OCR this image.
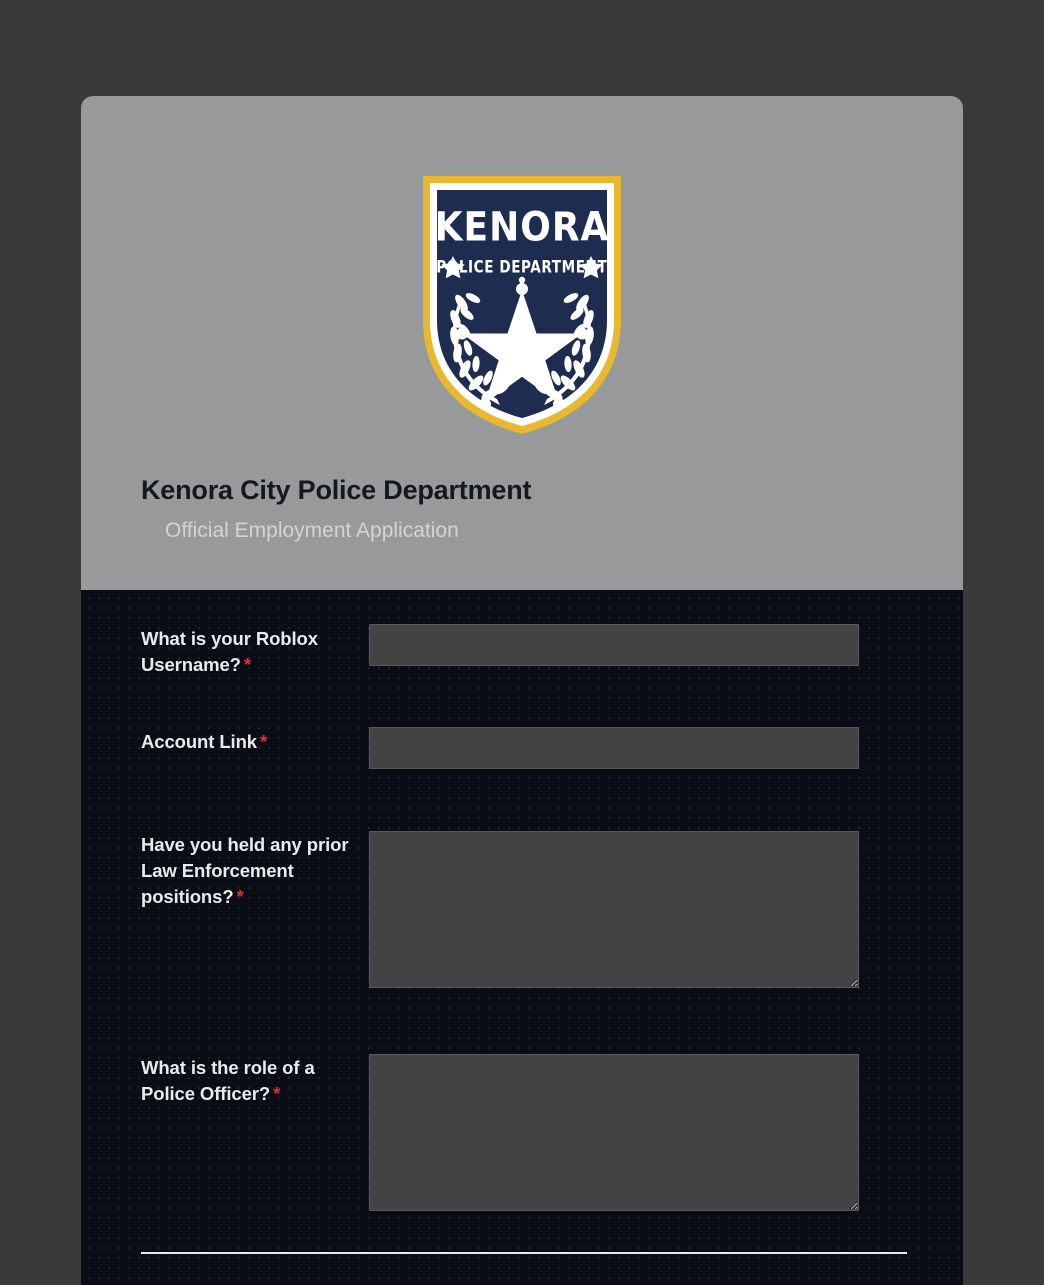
KENORA
POLICE DEPARTMENT
Kenora City Police Department
Official Employment Application
What is your Roblox Username? *
Account Link *
Have you held any prior Law Enforcement positions? *
What is the role of a Police Officer? *
